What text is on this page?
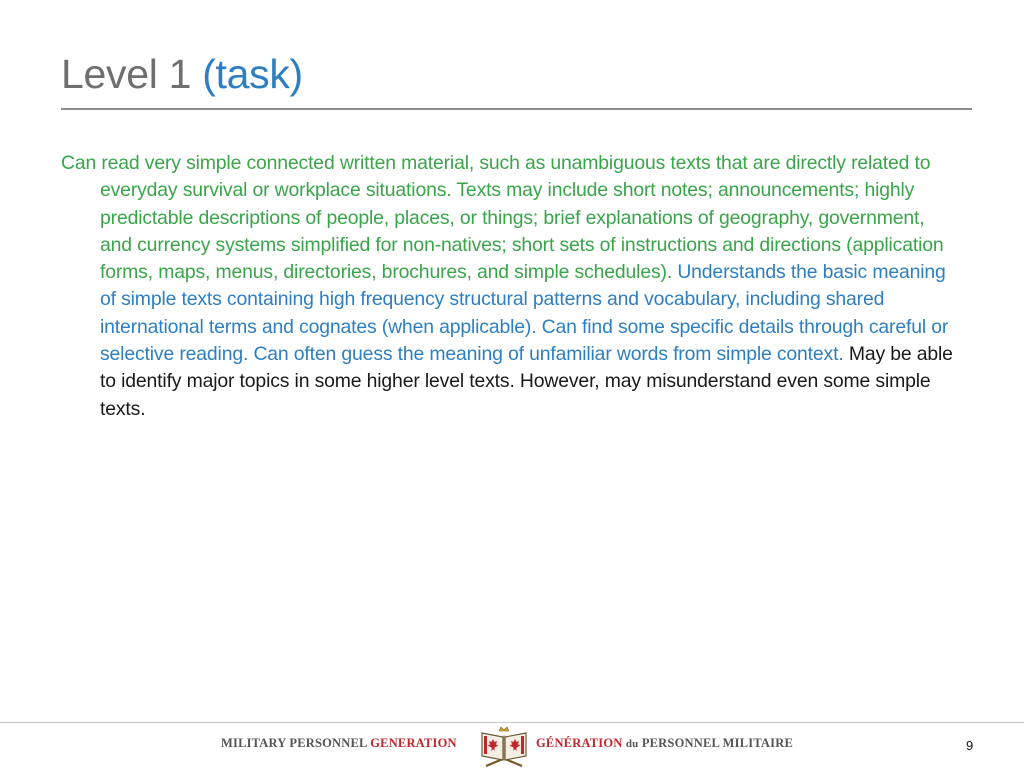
Level 1 (task)

Can read very simple connected written material, such as unambiguous texts that are directly related to everyday survival or workplace situations. Texts may include short notes; announcements; highly predictable descriptions of people, places, or things; brief explanations of geography, government, and currency systems simplified for non-natives; short sets of instructions and directions (application forms, maps, menus, directories, brochures, and simple schedules). Understands the basic meaning of simple texts containing high frequency structural patterns and vocabulary, including shared international terms and cognates (when applicable). Can find some specific details through careful or selective reading. Can often guess the meaning of unfamiliar words from simple context. May be able to identify major topics in some higher level texts. However, may misunderstand even some simple texts.

MILITARY PERSONNEL GENERATION	GÉNÉRATION du PERSONNEL MILITAIRE	9
